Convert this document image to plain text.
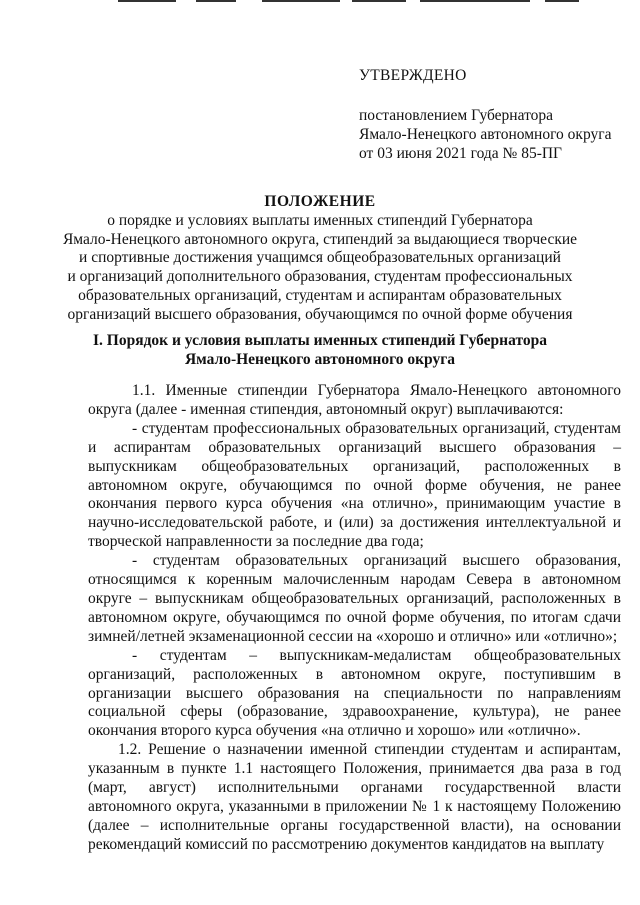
УТВЕРЖДЕНО
постановлением Губернатора
Ямало-Ненецкого автономного округа
от 03 июня 2021 года № 85-ПГ
ПОЛОЖЕНИЕ
о порядке и условиях выплаты именных стипендий Губернатора
Ямало-Ненецкого автономного округа, стипендий за выдающиеся творческие
и спортивные достижения учащимся общеобразовательных организаций
и организаций дополнительного образования, студентам профессиональных
образовательных организаций, студентам и аспирантам образовательных
организаций высшего образования, обучающимся по очной форме обучения
I. Порядок и условия выплаты именных стипендий Губернатора
Ямало-Ненецкого автономного округа

1.1. Именные стипендии Губернатора Ямало-Ненецкого автономного

округа (далее - именная стипендия, автономный округ) выплачиваются:

- студентам профессиональных образовательных организаций, студентам

и аспирантам образовательных организаций высшего образования –

выпускникам общеобразовательных организаций, расположенных в

автономном округе, обучающимся по очной форме обучения, не ранее

окончания первого курса обучения «на отлично», принимающим участие в

научно-исследовательской работе, и (или) за достижения интеллектуальной и

творческой направленности за последние два года;

- студентам образовательных организаций высшего образования,

относящимся к коренным малочисленным народам Севера в автономном

округе – выпускникам общеобразовательных организаций, расположенных в

автономном округе, обучающимся по очной форме обучения, по итогам сдачи

зимней/летней экзаменационной сессии на «хорошо и отлично» или «отлично»;

- студентам – выпускникам-медалистам общеобразовательных

организаций, расположенных в автономном округе, поступившим в

организации высшего образования на специальности по направлениям

социальной сферы (образование, здравоохранение, культура), не ранее

окончания второго курса обучения «на отлично и хорошо» или «отлично».

1.2. Решение о назначении именной стипендии студентам и аспирантам,

указанным в пункте 1.1 настоящего Положения, принимается два раза в год

(март, август) исполнительными органами государственной власти

автономного округа, указанными в приложении № 1 к настоящему Положению

(далее – исполнительные органы государственной власти), на основании

рекомендаций комиссий по рассмотрению документов кандидатов на выплату
